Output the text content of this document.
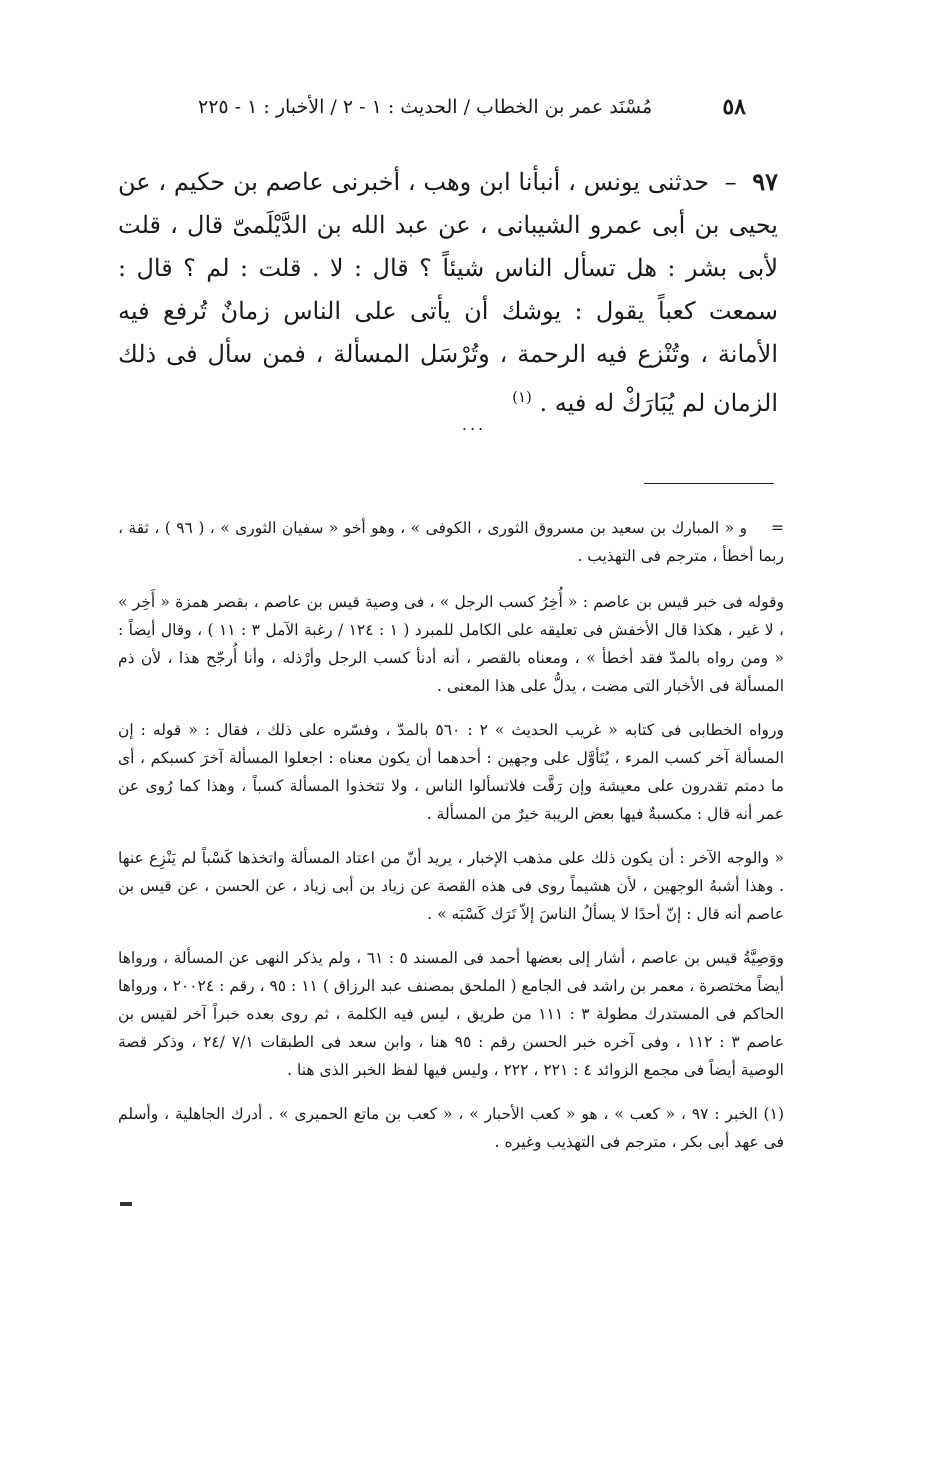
٥٨
مُسْنَد عمر بن الخطاب / الحديث : ١ - ٢ / الأخبار : ١ - ٢٢٥
٩٧  –  حدثنى يونس ، أنبأنا ابن وهب ، أخبرنى عاصم بن حكيم ، عن يحيى بن أبى عمرو الشيبانى ، عن عبد الله بن الدَّيْلَمىّ قال ، قلت لأبى بشر : هل تسأل الناس شيئاً ؟ قال : لا . قلت : لم ؟ قال : سمعت كعباً يقول : يوشك أن يأتى على الناس زمانٌ تُرفع فيه الأمانة ، وتُنْزع فيه الرحمة ، وتُرْسَل المسألة ، فمن سأل فى ذلك الزمان لم يُبَارَكْ له فيه . $^{(١)}$
...

=و « المبارك بن سعيد بن مسروق الثورى ، الكوفى » ، وهو أخو « سفيان الثورى » ، ( ٩٦ ) ، ثقة ، ربما أخطأ ، مترجم فى التهذيب .

وقوله فى خبر قيس بن عاصم : « أُخِرُ كسب الرجل » ، فى وصية قيس بن عاصم ، بقصر همزة « أَخِر » ، لا غير ، هكذا قال الأخفش فى تعليقه على الكامل للمبرد ( ١ : ١٢٤ / رغبة الآمل ٣ : ١١ ) ، وقال أيضاً : « ومن رواه بالمدّ فقد أخطأ » ، ومعناه بالقصر ، أنه أدنأ كسب الرجل وأرْذله ، وأنا أُرجّح هذا ، لأن ذم المسألة فى الأخبار التى مضت ، يدلُّ على هذا المعنى .

ورواه الخطابى فى كتابه « غريب الحديث » ٢ : ٥٦٠ بالمدّ ، وفسّره على ذلك ، فقال : « قوله : إن المسألة آخر كسب المرء ، يُتَأوَّل على وجهين : أحدهما أن يكون معناه : اجعلوا المسألة آخرَ كسبكم ، أى ما دمتم تقدرون على معيشة وإن رَقَّت فلاتسألوا الناس ، ولا تتخذوا المسألة كسباً ، وهذا كما رُوى عن عمر أنه قال : مكسبةٌ فيها بعض الريبة خيرٌ من المسألة .

« والوجه الآخر : أن يكون ذلك على مذهب الإخبار ، يريد أنّ من اعتاد المسألة واتخذها كَسْباً لم يَنْزِع عنها . وهذا أشبهُ الوجهين ، لأن هشيماً روى فى هذه القصة عن زياد بن أبى زياد ، عن الحسن ، عن قيس بن عاصم أنه قال : إنّ أحدًا لا يسألُ الناسَ إلاّ تَرَك كَسْبَه » .

ووَصِيَّةُ قيس بن عاصم ، أشار إلى بعضها أحمد فى المسند ٥ : ٦١ ، ولم يذكر النهى عن المسألة ، ورواها أيضاً مختصرة ، معمر بن راشد فى الجامع ( الملحق بمصنف عبد الرزاق ) ١١ : ٩٥ ، رقم : ٢٠٠٢٤ ، ورواها الحاكم فى المستدرك مطولة ٣ : ١١١ من طريق ، ليس فيه الكلمة ، ثم روى بعده خبراً آخر لقيس بن عاصم ٣ : ١١٢ ، وفى آخره خبر الحسن رقم : ٩٥ هنا ، وابن سعد فى الطبقات ٧/١ /٢٤ ، وذكر قصة الوصية أيضاً فى مجمع الزوائد ٤ : ٢٢١ ، ٢٢٢ ، وليس فيها لفظ الخبر الذى هنا .

(١) الخبر : ٩٧ ، « كعب » ، هو « كعب الأحبار » ، « كعب بن ماتع الحميرى » . أدرك الجاهلية ، وأسلم فى عهد أبى بكر ، مترجم فى التهذيب وغيره .
